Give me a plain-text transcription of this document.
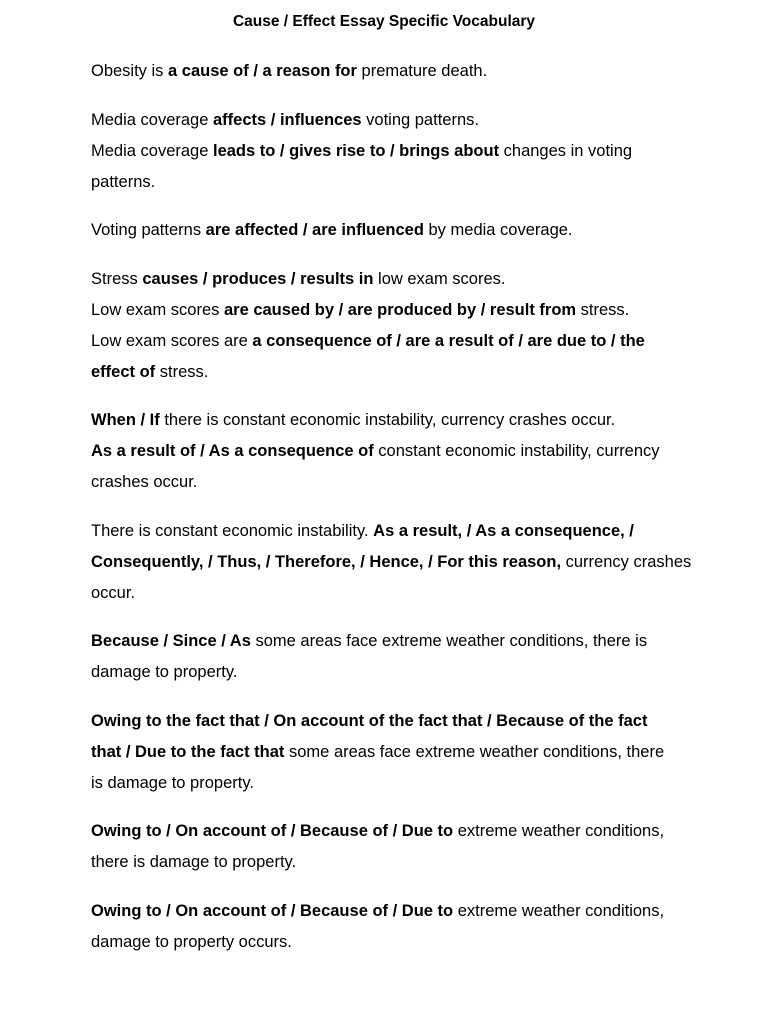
Cause / Effect Essay Specific Vocabulary
Obesity is a cause of / a reason for premature death.
Media coverage affects / influences voting patterns.
Media coverage leads to / gives rise to / brings about changes in voting
patterns.
Voting patterns are affected / are influenced by media coverage.
Stress causes / produces / results in low exam scores.
Low exam scores are caused by / are produced by / result from stress.
Low exam scores are a consequence of / are a result of / are due to / the
effect of stress.
When / If there is constant economic instability, currency crashes occur.
As a result of / As a consequence of constant economic instability, currency
crashes occur.
There is constant economic instability. As a result, / As a consequence, /
Consequently, / Thus, / Therefore, / Hence, / For this reason, currency crashes
occur.
Because / Since / As some areas face extreme weather conditions, there is
damage to property.
Owing to the fact that / On account of the fact that / Because of the fact
that / Due to the fact that some areas face extreme weather conditions, there
is damage to property.
Owing to / On account of / Because of / Due to extreme weather conditions,
there is damage to property.
Owing to / On account of / Because of / Due to extreme weather conditions,
damage to property occurs.
